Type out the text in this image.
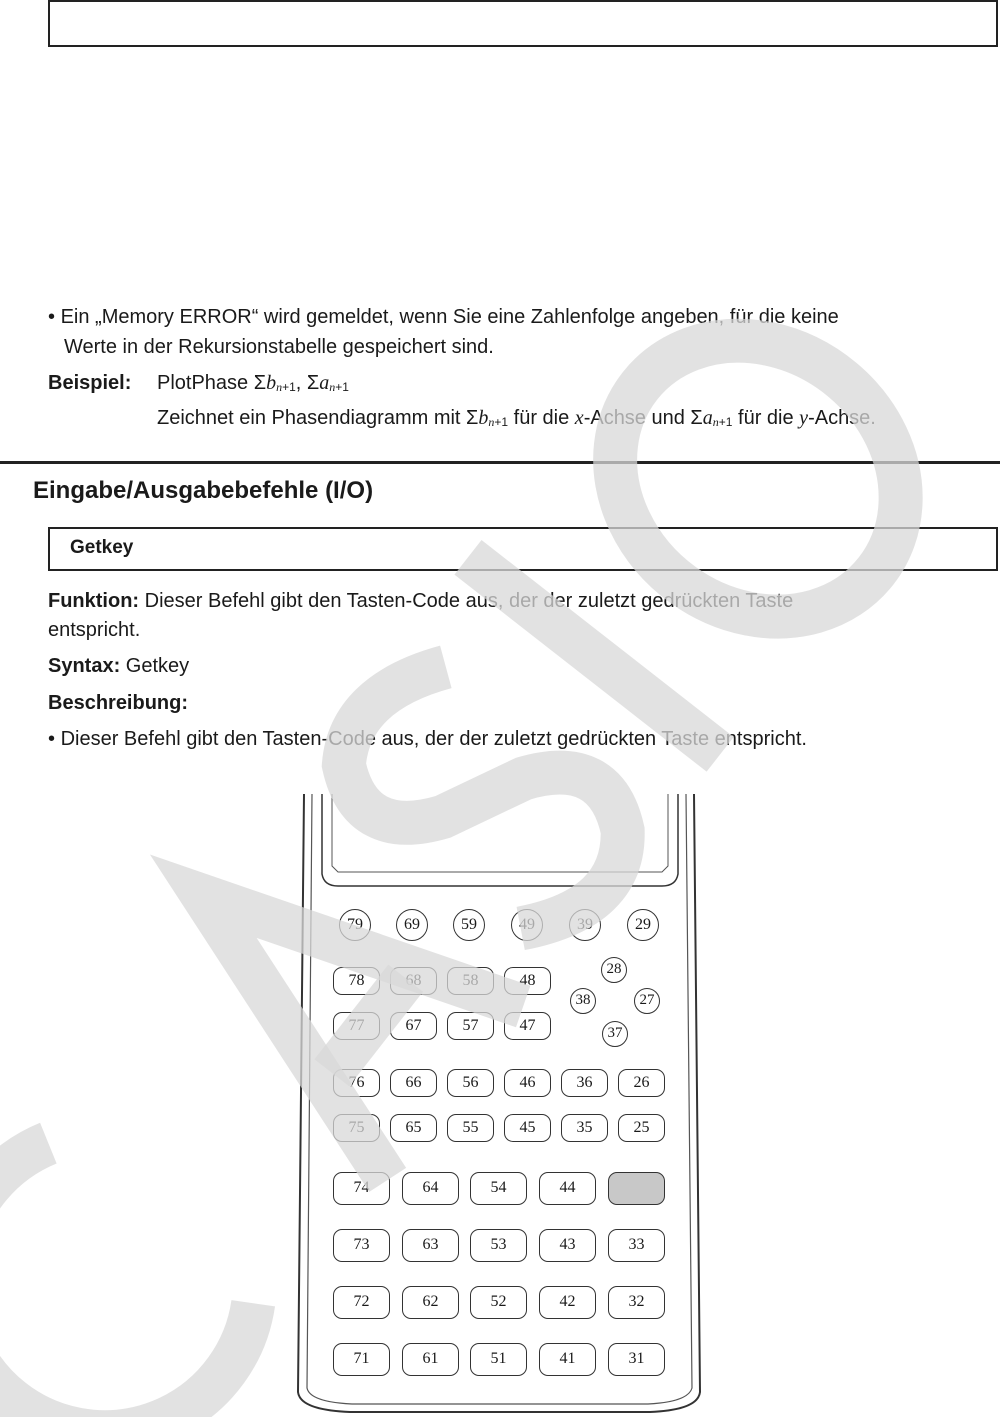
• Ein „Memory ERROR“ wird gemeldet, wenn Sie eine Zahlenfolge angeben, für die keine
Werte in der Rekursionstabelle gespeichert sind.
Beispiel: PlotPhase Σbn+1, Σan+1
Zeichnet ein Phasendiagramm mit Σbn+1 für die x-Achse und Σan+1 für die y-Achse.
Eingabe/Ausgabebefehle (I/O)
Getkey
Funktion: Dieser Befehl gibt den Tasten-Code aus, der der zuletzt gedrückten Taste
entspricht.
Syntax: Getkey
Beschreibung:
• Dieser Befehl gibt den Tasten-Code aus, der der zuletzt gedrückten Taste entspricht.
79	69	59	49	39	29
78	68	58	48
77	67	57	47
28
38	27
37
76	66	56	46	36	26
75	65	55	45	35	25
74	64	54	44
73	63	53	43	33
72	62	52	42	32
71	61	51	41	31
